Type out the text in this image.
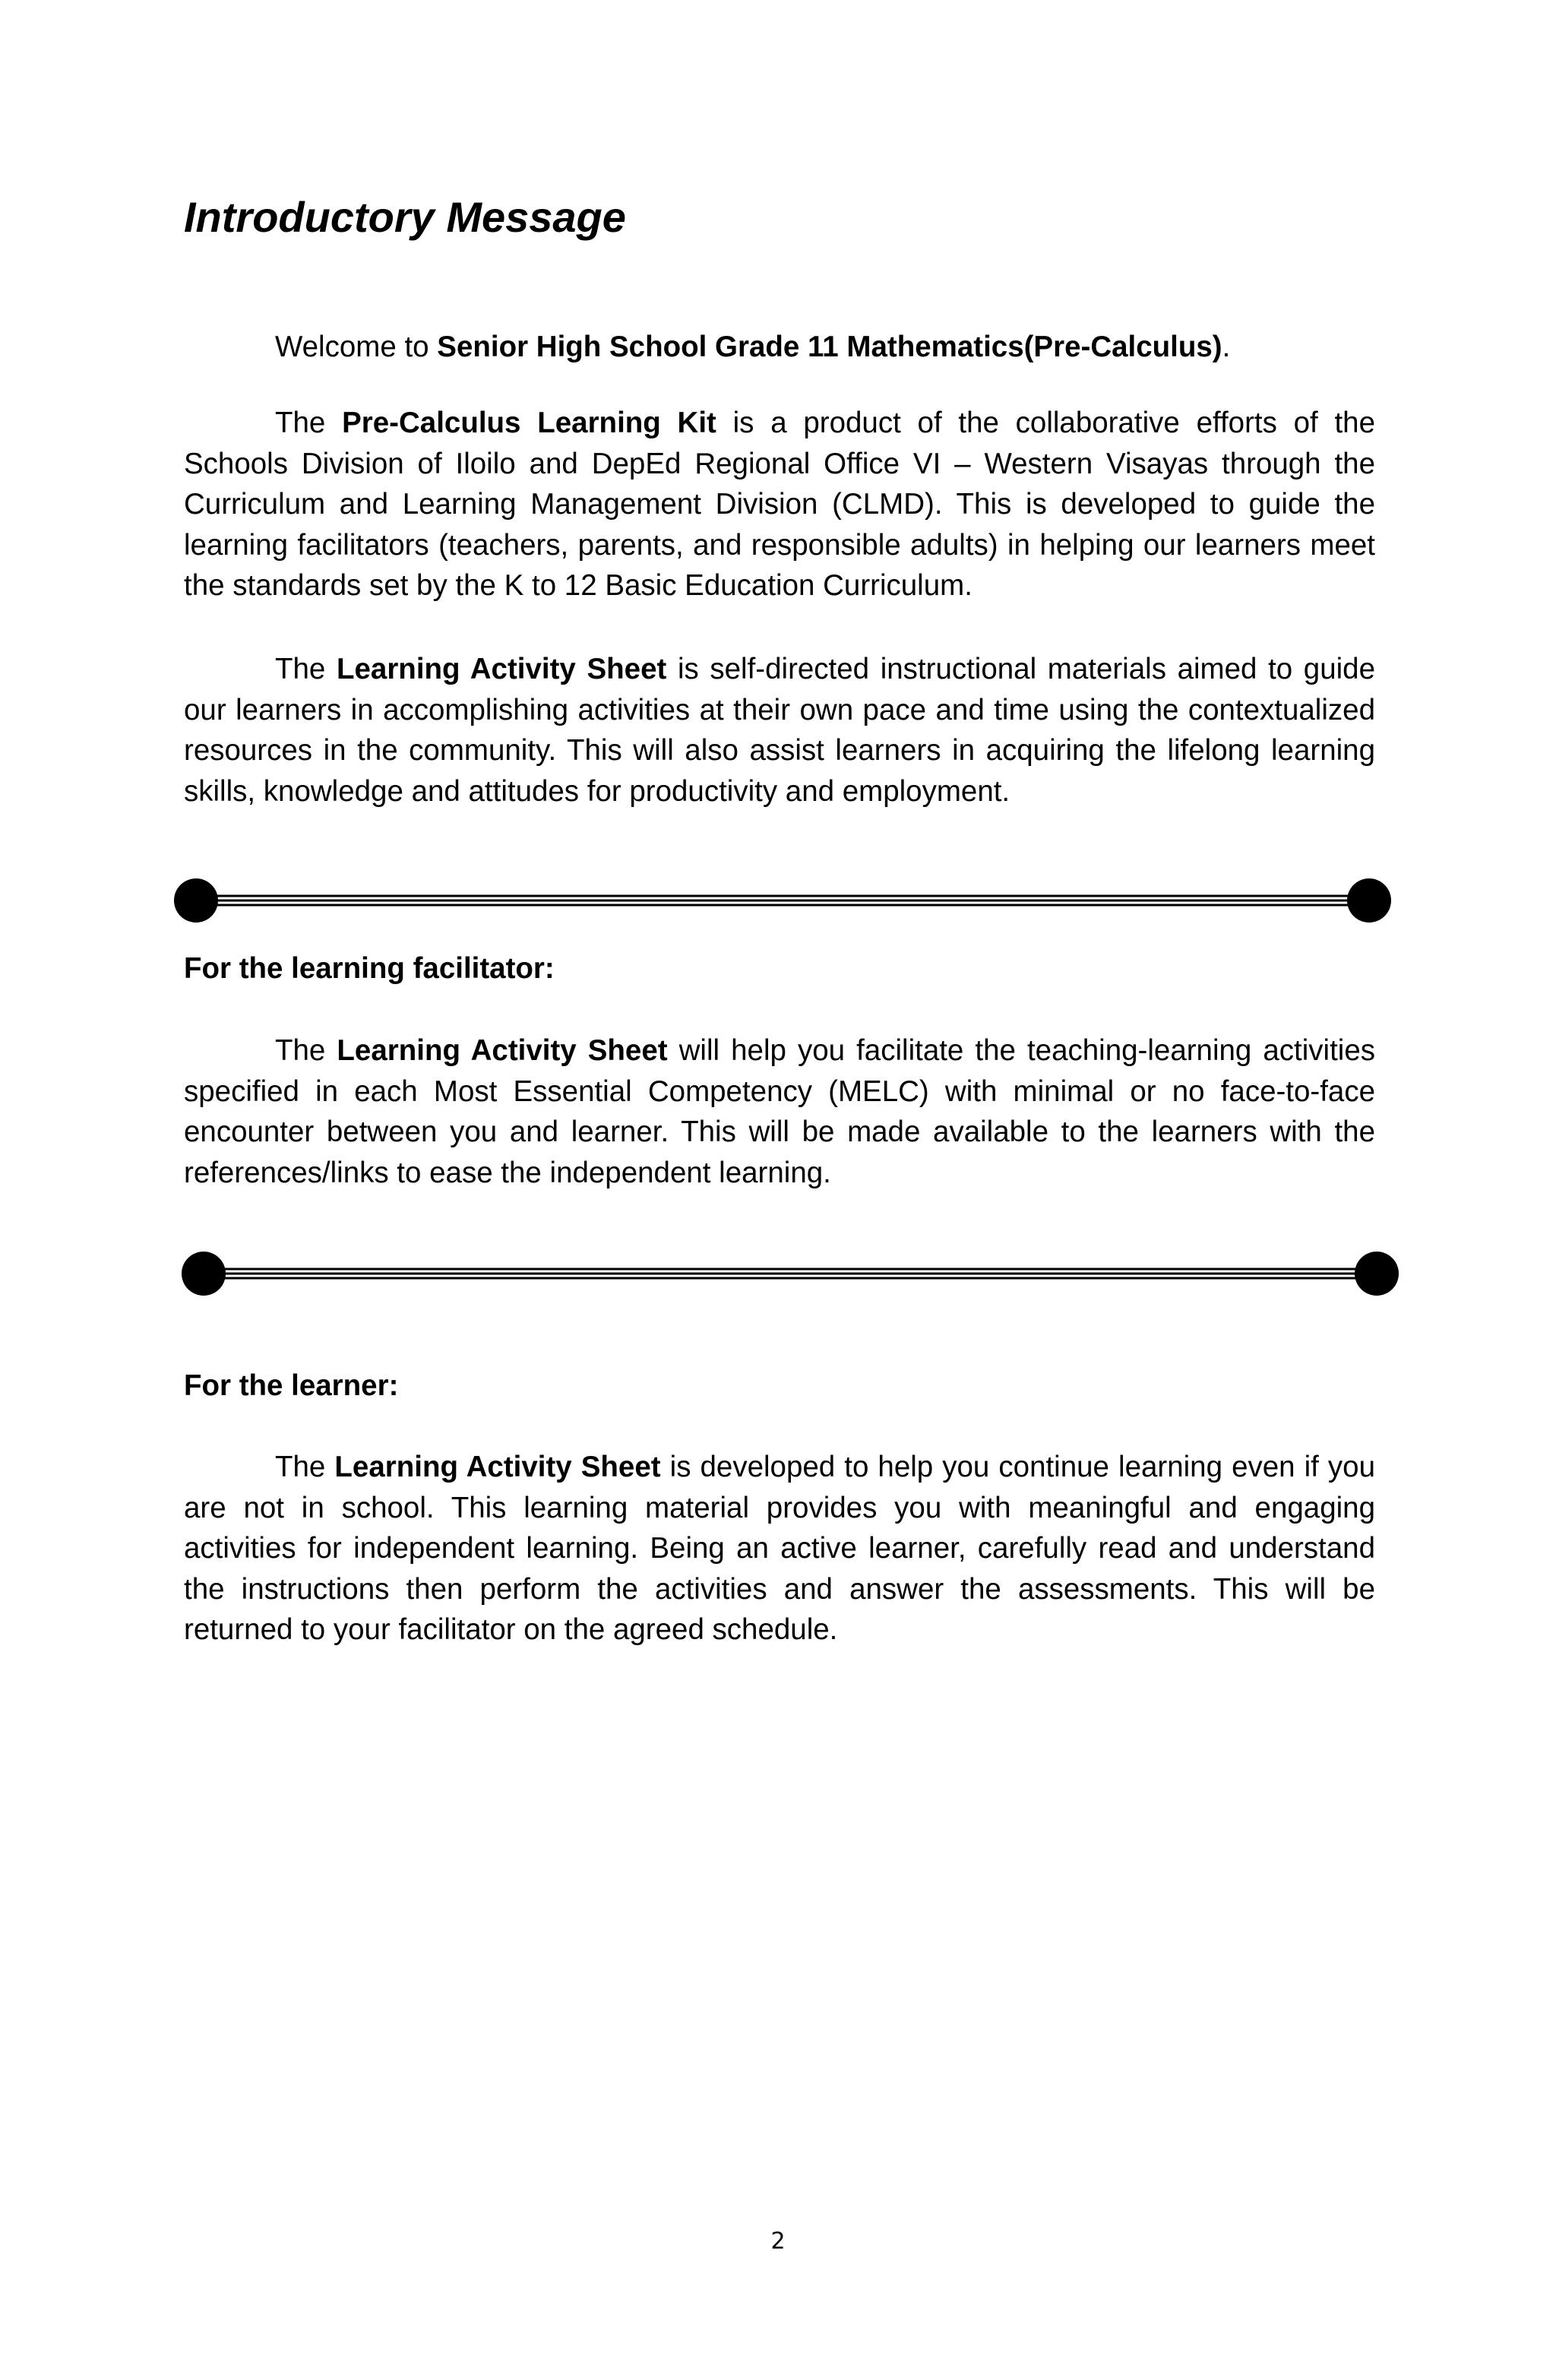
Introductory Message

Welcome to Senior High School Grade 11 Mathematics(Pre-Calculus).

The Pre-Calculus Learning Kit is a product of the collaborative efforts of the Schools Division of Iloilo and DepEd Regional Office VI – Western Visayas through the Curriculum and Learning Management Division (CLMD). This is developed to guide the learning facilitators (teachers, parents, and responsible adults) in helping our learners meet the standards set by the K to 12 Basic Education Curriculum.

The Learning Activity Sheet is self-directed instructional materials aimed to guide our learners in accomplishing activities at their own pace and time using the contextualized resources in the community. This will also assist learners in acquiring the lifelong learning skills, knowledge and attitudes for productivity and employment.

For the learning facilitator:

The Learning Activity Sheet will help you facilitate the teaching-learning activities specified in each Most Essential Competency (MELC) with minimal or no face-to-face encounter between you and learner. This will be made available to the learners with the references/links to ease the independent learning.

For the learner:

The Learning Activity Sheet is developed to help you continue learning even if you are not in school. This learning material provides you with meaningful and engaging activities for independent learning. Being an active learner, carefully read and understand the instructions then perform the activities and answer the assessments. This will be returned to your facilitator on the agreed schedule.

2
